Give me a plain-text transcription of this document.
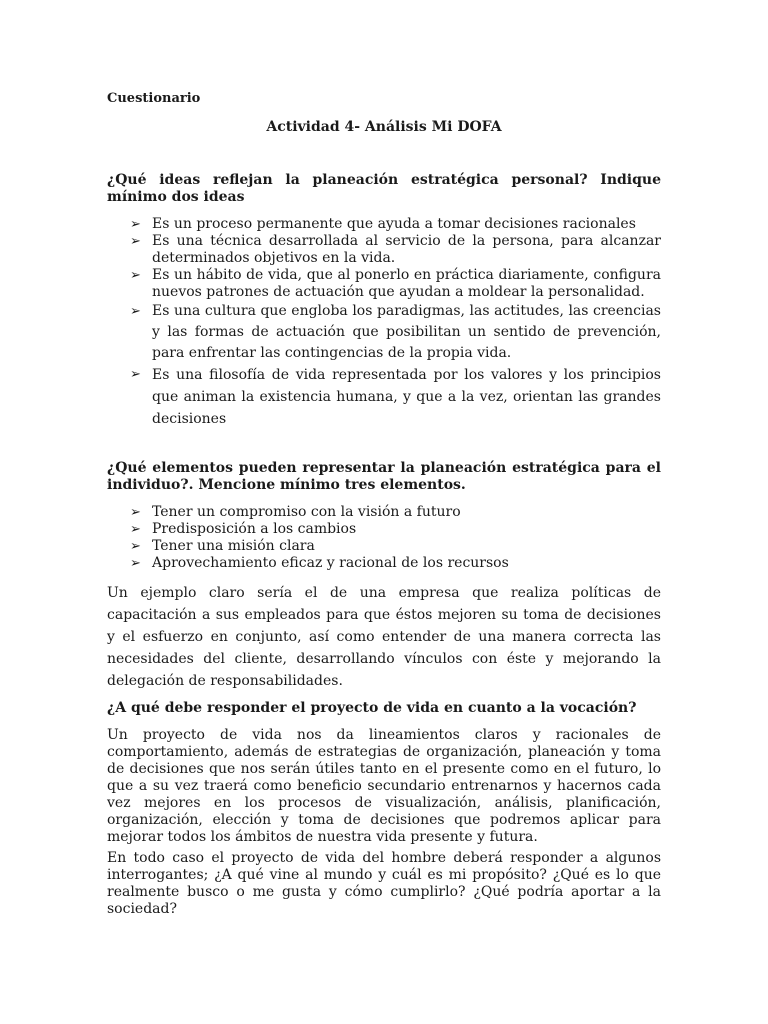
Cuestionario
Actividad 4- Análisis Mi DOFA
¿Qué ideas reflejan la planeación estratégica personal? Indique mínimo dos ideas
➢ Es un proceso permanente que ayuda a tomar decisiones racionales
➢ Es una técnica desarrollada al servicio de la persona, para alcanzar determinados objetivos en la vida.
➢ Es un hábito de vida, que al ponerlo en práctica diariamente, configura nuevos patrones de actuación que ayudan a moldear la personalidad.
➢ Es una cultura que engloba los paradigmas, las actitudes, las creencias y las formas de actuación que posibilitan un sentido de prevención, para enfrentar las contingencias de la propia vida.
➢ Es una filosofía de vida representada por los valores y los principios que animan la existencia humana, y que a la vez, orientan las grandes decisiones
¿Qué elementos pueden representar la planeación estratégica para el individuo?. Mencione mínimo tres elementos.
➢ Tener un compromiso con la visión a futuro
➢ Predisposición a los cambios
➢ Tener una misión clara
➢ Aprovechamiento eficaz y racional de los recursos
Un ejemplo claro sería el de una empresa que realiza políticas de capacitación a sus empleados para que éstos mejoren su toma de decisiones y el esfuerzo en conjunto, así como entender de una manera correcta las necesidades del cliente, desarrollando vínculos con éste y mejorando la delegación de responsabilidades.
¿A qué debe responder el proyecto de vida en cuanto a la vocación?
Un proyecto de vida nos da lineamientos claros y racionales de comportamiento, además de estrategias de organización, planeación y toma de decisiones que nos serán útiles tanto en el presente como en el futuro, lo que a su vez traerá como beneficio secundario entrenarnos y hacernos cada vez mejores en los procesos de visualización, análisis, planificación, organización, elección y toma de decisiones que podremos aplicar para mejorar todos los ámbitos de nuestra vida presente y futura.
En todo caso el proyecto de vida del hombre deberá responder a algunos interrogantes; ¿A qué vine al mundo y cuál es mi propósito? ¿Qué es lo que realmente busco o me gusta y cómo cumplirlo? ¿Qué podría aportar a la sociedad?
